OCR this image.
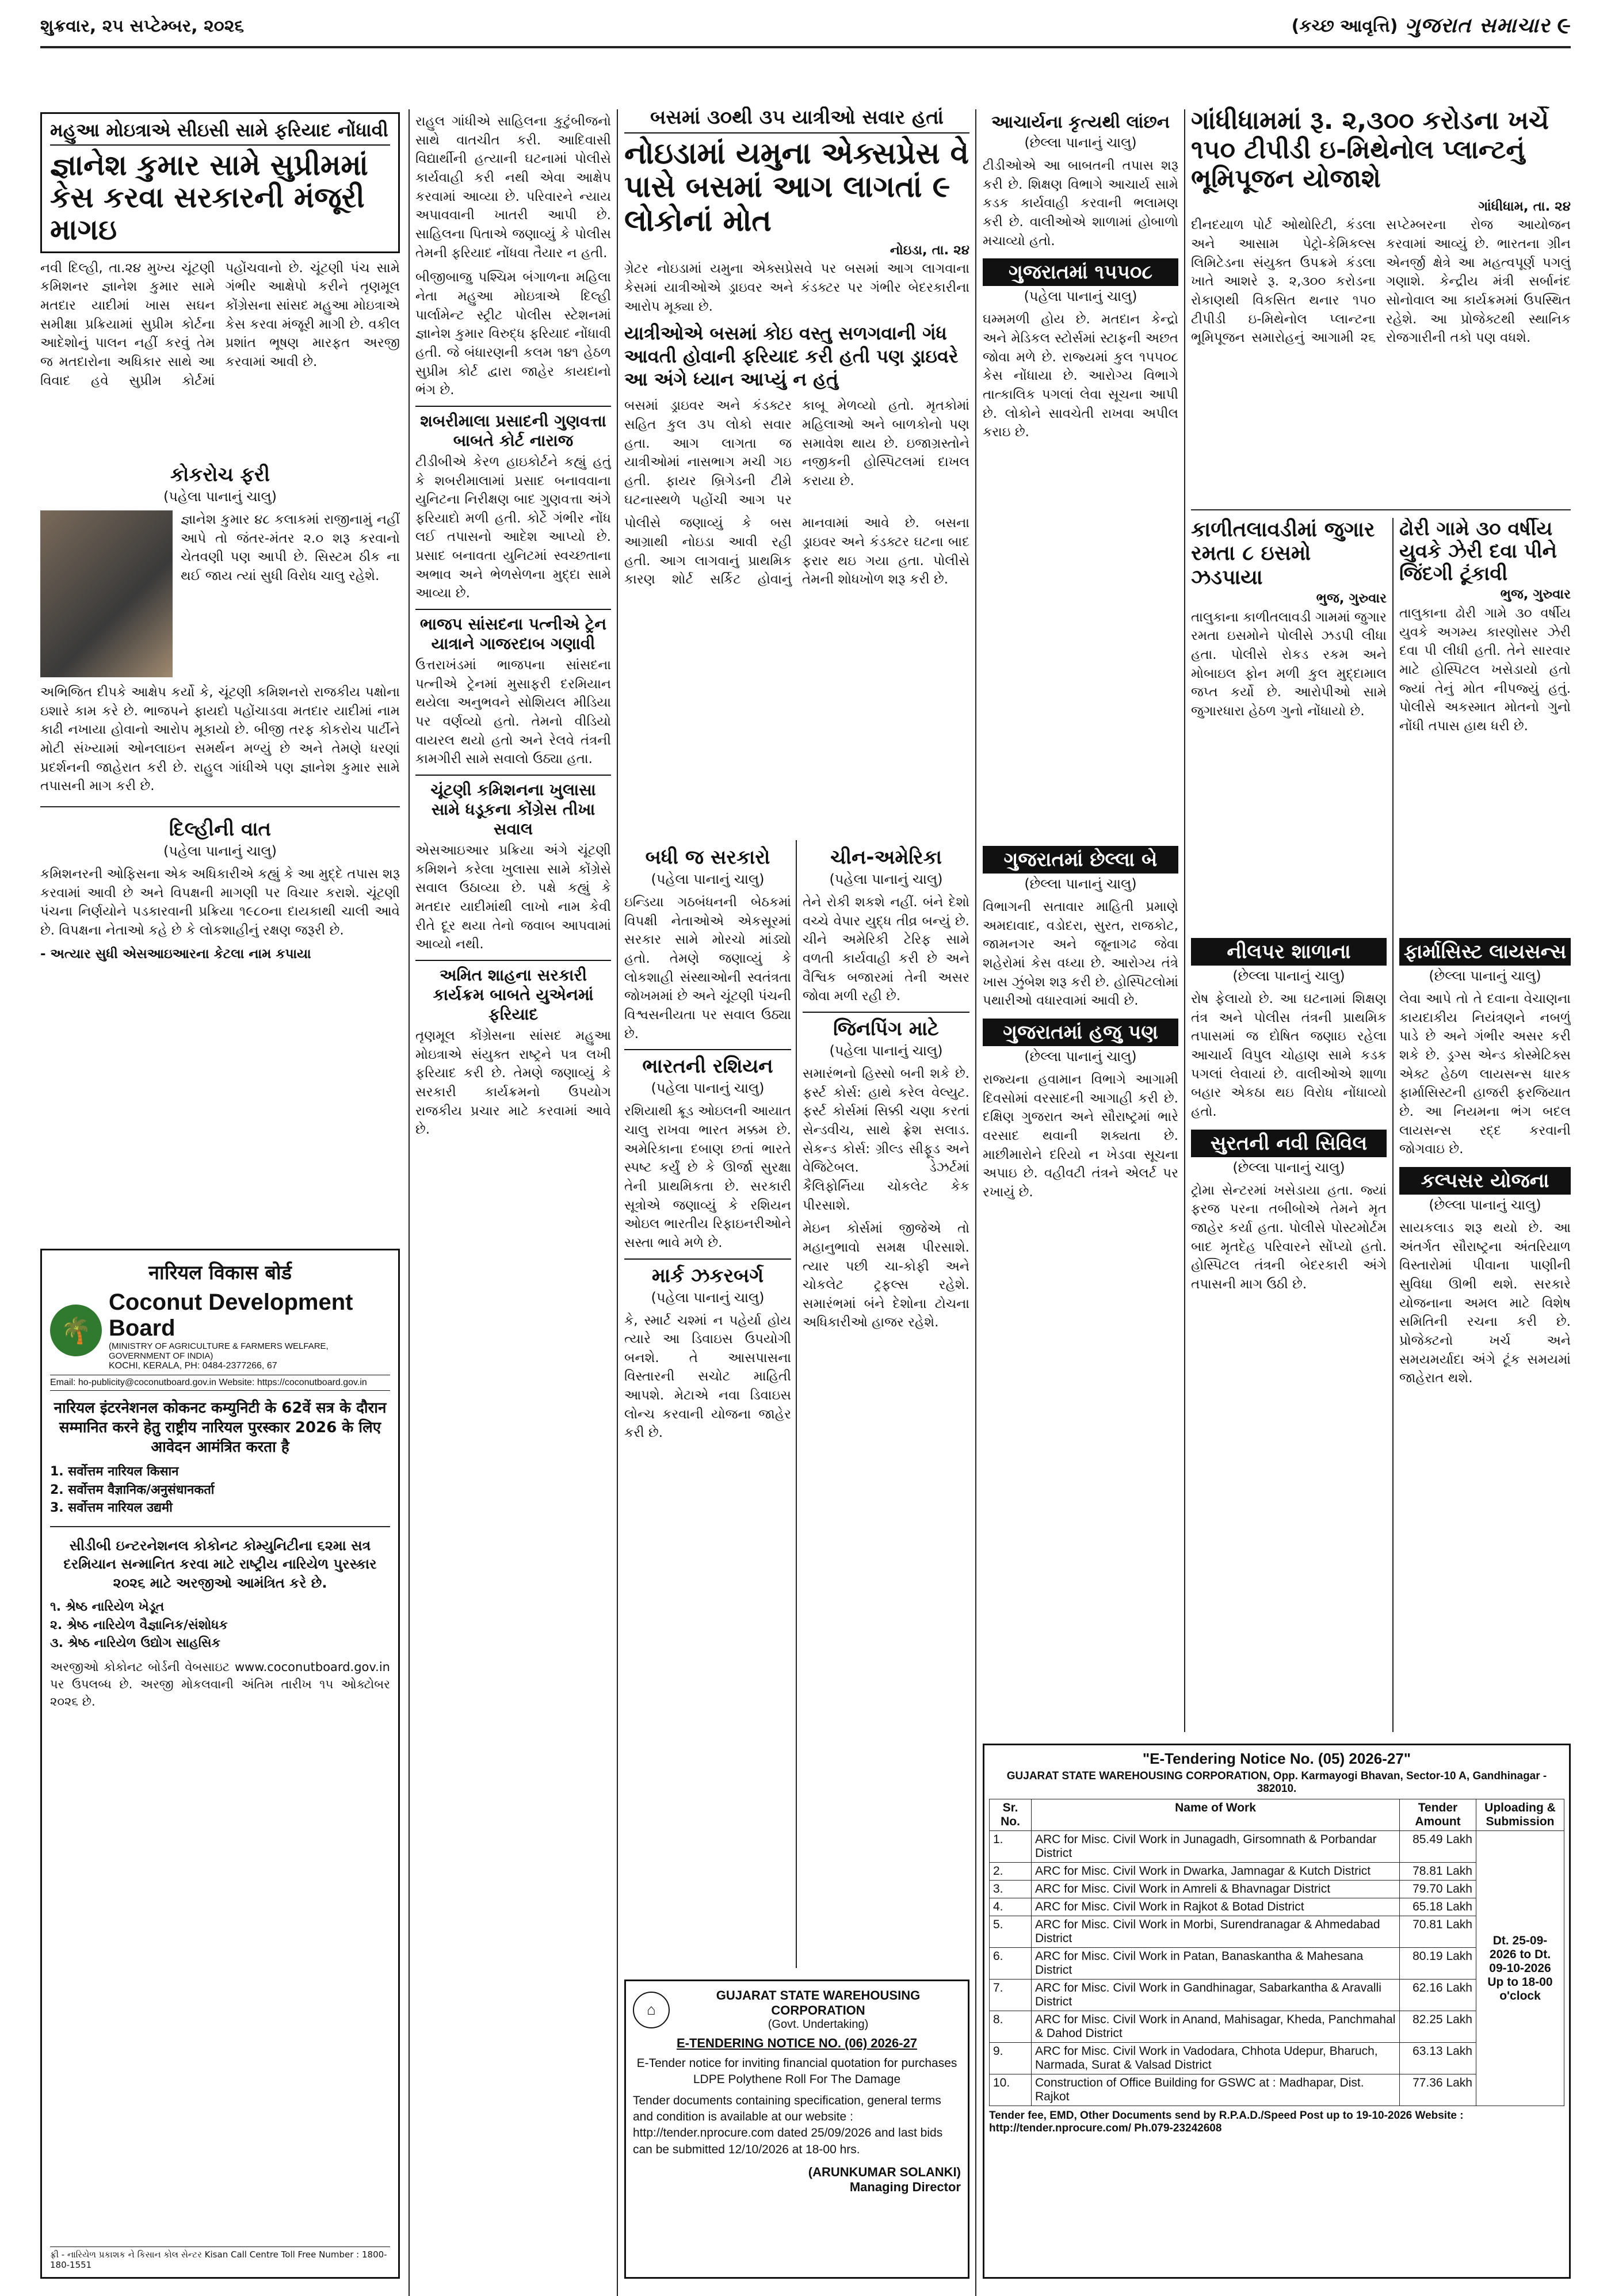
શુક્રવાર, ૨૫ સપ્ટેમ્બર, ૨૦૨૬	(કચ્છ આવૃત્તિ) ગુજરાત સમાચાર ૯
મહુઆ મોઇત્રાએ સીઇસી સામે ફરિયાદ નોંધાવી
જ્ઞાનેશ કુમાર સામે સુપ્રીમમાં કેસ કરવા સરકારની મંજૂરી માગઇ
નવી દિલ્હી, તા.૨૪ મુખ્ય ચૂંટણી કમિશનર જ્ઞાનેશ કુમાર સામે મતદાર યાદીમાં ખાસ સઘન સમીક્ષા પ્રક્રિયામાં સુપ્રીમ કોર્ટના આદેશોનું પાલન નહીં કરવું તેમ જ મતદારોના અધિકાર સાથે આ વિવાદ હવે સુપ્રીમ કોર્ટમાં પહોંચવાનો છે. ચૂંટણી પંચ સામે ગંભીર આક્ષેપો કરીને તૃણમૂલ કોંગ્રેસના સાંસદ મહુઆ મોઇત્રાએ કેસ કરવા મંજૂરી માગી છે. વકીલ પ્રશાંત ભૂષણ મારફત અરજી કરવામાં આવી છે.
કોકરોચ ફરી
(પહેલા પાનાનું ચાલુ)
જ્ઞાનેશ કુમાર ૪૮ કલાકમાં રાજીનામું નહીં આપે તો જંતર-મંતર ૨.૦ શરૂ કરવાનો ચેતવણી પણ આપી છે. સિસ્ટમ ઠીક ના થઈ જાય ત્યાં સુધી વિરોધ ચાલુ રહેશે.
અભિજિત દીપકે આક્ષેપ કર્યો કે, ચૂંટણી કમિશનરો રાજકીય પક્ષોના ઇશારે કામ કરે છે. ભાજપને ફાયદો પહોંચાડવા મતદાર યાદીમાં નામ કાઢી નખાયા હોવાનો આરોપ મૂકાયો છે. બીજી તરફ કોકરોચ પાર્ટીને મોટી સંખ્યામાં ઓનલાઇન સમર્થન મળ્યું છે અને તેમણે ધરણાં પ્રદર્શનની જાહેરાત કરી છે. રાહુલ ગાંધીએ પણ જ્ઞાનેશ કુમાર સામે તપાસની માગ કરી છે.
દિલ્હીની વાત
(પહેલા પાનાનું ચાલુ)
કમિશનરની ઓફિસના એક અધિકારીએ કહ્યું કે આ મુદ્દે તપાસ શરૂ કરવામાં આવી છે અને વિપક્ષની માગણી પર વિચાર કરાશે. ચૂંટણી પંચના નિર્ણયોને પડકારવાની પ્રક્રિયા ૧૯૮૦ના દાયકાથી ચાલી આવે છે. વિપક્ષના નેતાઓ કહે છે કે લોકશાહીનું રક્ષણ જરૂરી છે.
- અત્યાર સુધી એસઆઇઆરના કેટલા નામ કપાયા
नारियल विकास बोर्ड
🌴
Coconut Development Board
(MINISTRY OF AGRICULTURE & FARMERS WELFARE, GOVERNMENT OF INDIA)
KOCHI, KERALA, PH: 0484-2377266, 67
Email: ho-publicity@coconutboard.gov.in Website: https://coconutboard.gov.in
नारियल इंटरनेशनल कोकनट कम्युनिटी के 62वें सत्र के दौरान सम्मानित करने हेतु राष्ट्रीय नारियल पुरस्कार 2026 के लिए आवेदन आमंत्रित करता है
1. सर्वोत्तम नारियल किसान
2. सर्वोत्तम वैज्ञानिक/अनुसंधानकर्ता
3. सर्वोत्तम नारियल उद्यमी
સીડીબી ઇન્ટરનેશનલ કોકોનટ કોમ્યુનિટીના ૬૨મા સત્ર દરમિયાન સન્માનિત કરવા માટે રાષ્ટ્રીય નારિયેળ પુરસ્કાર ૨૦૨૬ માટે અરજીઓ આમંત્રિત કરે છે.
૧. શ્રેષ્ઠ નારિયેળ ખેડૂત
૨. શ્રેષ્ઠ નારિયેળ વૈજ્ઞાનિક/સંશોધક
૩. શ્રેષ્ઠ નારિયેળ ઉદ્યોગ સાહસિક
અરજીઓ કોકોનટ બોર્ડની વેબસાઇટ www.coconutboard.gov.in પર ઉપલબ્ધ છે. અરજી મોકલવાની અંતિમ તારીખ ૧૫ ઓક્ટોબર ૨૦૨૬ છે.
ફ્રી - નારિયેળ પ્રકાશક ને કિસાન કોલ સેન્ટર Kisan Call Centre Toll Free Number : 1800-180-1551
રાહુલ ગાંધીએ સાહિલના કુટુંબીજનો સાથે વાતચીત કરી. આદિવાસી વિદ્યાર્થીની હત્યાની ઘટનામાં પોલીસે કાર્યવાહી કરી નથી એવા આક્ષેપ કરવામાં આવ્યા છે. પરિવારને ન્યાય અપાવવાની ખાતરી આપી છે. સાહિલના પિતાએ જણાવ્યું કે પોલીસ તેમની ફરિયાદ નોંધવા તૈયાર ન હતી.
બીજીબાજુ પશ્ચિમ બંગાળના મહિલા નેતા મહુઆ મોઇત્રાએ દિલ્હી પાર્લામેન્ટ સ્ટ્રીટ પોલીસ સ્ટેશનમાં જ્ઞાનેશ કુમાર વિરુદ્ધ ફરિયાદ નોંધાવી હતી. જે બંધારણની કલમ ૧૪૧ હેઠળ સુપ્રીમ કોર્ટ દ્વારા જાહેર કાયદાનો ભંગ છે.
શબરીમાલા પ્રસાદની ગુણવત્તા બાબતે કોર્ટ નારાજ
ટીડીબીએ કેરળ હાઇકોર્ટને કહ્યું હતું કે શબરીમાલામાં પ્રસાદ બનાવવાના યુનિટના નિરીક્ષણ બાદ ગુણવત્તા અંગે ફરિયાદો મળી હતી. કોર્ટે ગંભીર નોંધ લઈ તપાસનો આદેશ આપ્યો છે. પ્રસાદ બનાવતા યુનિટમાં સ્વચ્છતાના અભાવ અને ભેળસેળના મુદ્દા સામે આવ્યા છે.
ભાજપ સાંસદના પત્નીએ ટ્રેન યાત્રાને ગાજરદાબ ગણાવી
ઉત્તરાખંડમાં ભાજપના સાંસદના પત્નીએ ટ્રેનમાં મુસાફરી દરમિયાન થયેલા અનુભવને સોશિયલ મીડિયા પર વર્ણવ્યો હતો. તેમનો વીડિયો વાયરલ થયો હતો અને રેલવે તંત્રની કામગીરી સામે સવાલો ઉઠ્યા હતા.
ચૂંટણી કમિશનના ખુલાસા સામે ધડૂકના કોંગ્રેસ તીખા સવાલ
એસઆઇઆર પ્રક્રિયા અંગે ચૂંટણી કમિશને કરેલા ખુલાસા સામે કોંગ્રેસે સવાલ ઉઠાવ્યા છે. પક્ષે કહ્યું કે મતદાર યાદીમાંથી લાખો નામ કેવી રીતે દૂર થયા તેનો જવાબ આપવામાં આવ્યો નથી.
અમિત શાહના સરકારી કાર્યક્રમ બાબતે યુએનમાં ફરિયાદ
તૃણમૂલ કોંગ્રેસના સાંસદ મહુઆ મોઇત્રાએ સંયુક્ત રાષ્ટ્રને પત્ર લખી ફરિયાદ કરી છે. તેમણે જણાવ્યું કે સરકારી કાર્યક્રમનો ઉપયોગ રાજકીય પ્રચાર માટે કરવામાં આવે છે.
બસમાં ૩૦થી ૩૫ યાત્રીઓ સવાર હતાં
નોઇડામાં યમુના એક્સપ્રેસ વે પાસે બસમાં આગ લાગતાં ૯ લોકોનાં મોત
નોઇડા, તા. ૨૪
ગ્રેટર નોઇડામાં યમુના એક્સપ્રેસવે પર બસમાં આગ લાગવાના કેસમાં યાત્રીઓએ ડ્રાઇવર અને કંડક્ટર પર ગંભીર બેદરકારીના આરોપ મૂક્યા છે.
યાત્રીઓએ બસમાં કોઇ વસ્તુ સળગવાની ગંધ આવતી હોવાની ફરિયાદ કરી હતી પણ ડ્રાઇવરે આ અંગે ધ્યાન આપ્યું ન હતું
બસમાં ડ્રાઇવર અને કંડક્ટર સહિત કુલ ૩૫ લોકો સવાર હતા. આગ લાગતા જ યાત્રીઓમાં નાસભાગ મચી ગઇ હતી. ફાયર બ્રિગેડની ટીમે ઘટનાસ્થળે પહોંચી આગ પર કાબૂ મેળવ્યો હતો. મૃતકોમાં મહિલાઓ અને બાળકોનો પણ સમાવેશ થાય છે. ઇજાગ્રસ્તોને નજીકની હોસ્પિટલમાં દાખલ કરાયા છે.
પોલીસે જણાવ્યું કે બસ આગ્રાથી નોઇડા આવી રહી હતી. આગ લાગવાનું પ્રાથમિક કારણ શોર્ટ સર્કિટ હોવાનું માનવામાં આવે છે. બસના ડ્રાઇવર અને કંડક્ટર ઘટના બાદ ફરાર થઇ ગયા હતા. પોલીસે તેમની શોધખોળ શરૂ કરી છે.
બધી જ સરકારો
(પહેલા પાનાનું ચાલુ)
ઇન્ડિયા ગઠબંધનની બેઠકમાં વિપક્ષી નેતાઓએ એકસૂરમાં સરકાર સામે મોરચો માંડ્યો હતો. તેમણે જણાવ્યું કે લોકશાહી સંસ્થાઓની સ્વતંત્રતા જોખમમાં છે અને ચૂંટણી પંચની વિશ્વસનીયતા પર સવાલ ઉઠ્યા છે.
ભારતની રશિયન
(પહેલા પાનાનું ચાલુ)
રશિયાથી ક્રૂડ ઓઇલની આયાત ચાલુ રાખવા ભારત મક્કમ છે. અમેરિકાના દબાણ છતાં ભારતે સ્પષ્ટ કર્યું છે કે ઊર્જા સુરક્ષા તેની પ્રાથમિકતા છે. સરકારી સૂત્રોએ જણાવ્યું કે રશિયન ઓઇલ ભારતીય રિફાઇનરીઓને સસ્તા ભાવે મળે છે.
માર્ક ઝકરબર્ગ
(પહેલા પાનાનું ચાલુ)
કે, સ્માર્ટ ચશ્માં ન પહેર્યા હોય ત્યારે આ ડિવાઇસ ઉપયોગી બનશે. તે આસપાસના વિસ્તારની સચોટ માહિતી આપશે. મેટાએ નવા ડિવાઇસ લોન્ચ કરવાની યોજના જાહેર કરી છે.
ચીન-અમેરિકા
(પહેલા પાનાનું ચાલુ)
તેને રોકી શકશે નહીં. બંને દેશો વચ્ચે વેપાર યુદ્ધ તીવ્ર બન્યું છે. ચીને અમેરિકી ટેરિફ સામે વળતી કાર્યવાહી કરી છે અને વૈશ્વિક બજારમાં તેની અસર જોવા મળી રહી છે.
જિનપિંગ માટે
(પહેલા પાનાનું ચાલુ)
સમારંભનો હિસ્સો બની શકે છે. ફર્સ્ટ કોર્સ: હાથે કરેલ વેલ્યુટ. ફર્સ્ટ કોર્સમાં સિક્કી ચણા કરતાં સેન્ડવીચ, સાથે ફ્રેશ સલાડ. સેકન્ડ કોર્સ: ગ્રીલ્ડ સીફૂડ અને વેજિટેબલ. ડેઝર્ટમાં કૈલિફોર્નિયા ચોકલેટ કેક પીરસાશે.
મેઇન કોર્સમાં જીજેએ તો મહાનુભાવો સમક્ષ પીરસાશે. ત્યાર પછી ચા-કોફી અને ચોકલેટ ટ્રફલ્સ રહેશે. સમારંભમાં બંને દેશોના ટોચના અધિકારીઓ હાજર રહેશે.
આચાર્યના કૃત્યથી લાંછન
(છેલ્લા પાનાનું ચાલુ)
ટીડીઓએ આ બાબતની તપાસ શરૂ કરી છે. શિક્ષણ વિભાગે આચાર્ય સામે કડક કાર્યવાહી કરવાની ભલામણ કરી છે. વાલીઓએ શાળામાં હોબાળો મચાવ્યો હતો.
ગુજરાતમાં ૧૫૫૦૮
(પહેલા પાનાનું ચાલુ)
ઘમ્મમળી હોય છે. મતદાન કેન્દ્રો અને મેડિકલ સ્ટોર્સમાં સ્ટાફની અછત જોવા મળે છે. રાજ્યમાં કુલ ૧૫૫૦૮ કેસ નોંધાયા છે. આરોગ્ય વિભાગે તાત્કાલિક પગલાં લેવા સૂચના આપી છે. લોકોને સાવચેતી રાખવા અપીલ કરાઇ છે.
ગુજરાતમાં છેલ્લા બે
(છેલ્લા પાનાનું ચાલુ)
વિભાગની સતાવાર માહિતી પ્રમાણે અમદાવાદ, વડોદરા, સુરત, રાજકોટ, જામનગર અને જૂનાગઢ જેવા શહેરોમાં કેસ વધ્યા છે. આરોગ્ય તંત્રે ખાસ ઝુંબેશ શરૂ કરી છે. હોસ્પિટલોમાં પથારીઓ વધારવામાં આવી છે.
ગુજરાતમાં હજુ પણ
(છેલ્લા પાનાનું ચાલુ)
રાજ્યના હવામાન વિભાગે આગામી દિવસોમાં વરસાદની આગાહી કરી છે. દક્ષિણ ગુજરાત અને સૌરાષ્ટ્રમાં ભારે વરસાદ થવાની શક્યતા છે. માછીમારોને દરિયો ન ખેડવા સૂચના અપાઇ છે. વહીવટી તંત્રને એલર્ટ પર રખાયું છે.
ગાંધીધામમાં રૂ. ૨,૩૦૦ કરોડના ખર્ચે ૧૫૦ ટીપીડી ઇ-મિથેનોલ પ્લાન્ટનું ભૂમિપૂજન યોજાશે
ગાંધીધામ, તા. ૨૪
દીનદયાળ પોર્ટ ઓથોરિટી, કંડલા અને આસામ પેટ્રો-કેમિકલ્સ લિમિટેડના સંયુક્ત ઉપક્રમે કંડલા ખાતે આશરે રૂ. ૨,૩૦૦ કરોડના રોકાણથી વિકસિત થનાર ૧૫૦ ટીપીડી ઇ-મિથેનોલ પ્લાન્ટના ભૂમિપૂજન સમારોહનું આગામી ૨૬ સપ્ટેમ્બરના રોજ આયોજન કરવામાં આવ્યું છે. ભારતના ગ્રીન એનર્જી ક્ષેત્રે આ મહત્વપૂર્ણ પગલું ગણાશે. કેન્દ્રીય મંત્રી સર્બાનંદ સોનોવાલ આ કાર્યક્રમમાં ઉપસ્થિત રહેશે. આ પ્રોજેક્ટથી સ્થાનિક રોજગારીની તકો પણ વધશે.
કાળીતલાવડીમાં જુગાર રમતા ૮ ઇસમો ઝડપાયા
ભુજ, ગુરુવાર
તાલુકાના કાળીતલાવડી ગામમાં જુગાર રમતા ઇસમોને પોલીસે ઝડપી લીધા હતા. પોલીસે રોકડ રકમ અને મોબાઇલ ફોન મળી કુલ મુદ્દામાલ જપ્ત કર્યો છે. આરોપીઓ સામે જુગારધારા હેઠળ ગુનો નોંધાયો છે.
ઢોરી ગામે ૩૦ વર્ષીય યુવકે ઝેરી દવા પીને જિંદગી ટૂંકાવી
ભુજ, ગુરુવાર
તાલુકાના ઢોરી ગામે ૩૦ વર્ષીય યુવકે અગમ્ય કારણોસર ઝેરી દવા પી લીધી હતી. તેને સારવાર માટે હોસ્પિટલ ખસેડાયો હતો જ્યાં તેનું મોત નીપજ્યું હતું. પોલીસે અકસ્માત મોતનો ગુનો નોંધી તપાસ હાથ ધરી છે.
નીલપર શાળાના
(છેલ્લા પાનાનું ચાલુ)
રોષ ફેલાયો છે. આ ઘટનામાં શિક્ષણ તંત્ર અને પોલીસ તંત્રની પ્રાથમિક તપાસમાં જ દોષિત જણાઇ રહેલા આચાર્ય વિપુલ ચોહાણ સામે કડક પગલાં લેવાયાં છે. વાલીઓએ શાળા બહાર એકઠા થઇ વિરોધ નોંધાવ્યો હતો.
સુરતની નવી સિવિલ
(છેલ્લા પાનાનું ચાલુ)
ટ્રોમા સેન્ટરમાં ખસેડાયા હતા. જ્યાં ફરજ પરના તબીબોએ તેમને મૃત જાહેર કર્યા હતા. પોલીસે પોસ્ટમોર્ટમ બાદ મૃતદેહ પરિવારને સોંપ્યો હતો. હોસ્પિટલ તંત્રની બેદરકારી અંગે તપાસની માગ ઉઠી છે.
ફાર્માસિસ્ટ લાયસન્સ
(છેલ્લા પાનાનું ચાલુ)
લેવા આપે તો તે દવાના વેચાણના કાયદાકીય નિયંત્રણને નબળું પાડે છે અને ગંભીર અસર કરી શકે છે. ડ્રગ્સ એન્ડ કોસ્મેટિક્સ એક્ટ હેઠળ લાયસન્સ ધારક ફાર્માસિસ્ટની હાજરી ફરજિયાત છે. આ નિયમના ભંગ બદલ લાયસન્સ રદ્દ કરવાની જોગવાઇ છે.
કલ્પસર યોજના
(છેલ્લા પાનાનું ચાલુ)
સાયકલાડ શરૂ થયો છે. આ અંતર્ગત સૌરાષ્ટ્રના અંતરિયાળ વિસ્તારોમાં પીવાના પાણીની સુવિધા ઊભી થશે. સરકારે યોજનાના અમલ માટે વિશેષ સમિતિની રચના કરી છે. પ્રોજેક્ટનો ખર્ચ અને સમયમર્યાદા અંગે ટૂંક સમયમાં જાહેરાત થશે.
⌂
GUJARAT STATE WAREHOUSING CORPORATION
(Govt. Undertaking)
E-TENDERING NOTICE NO. (06) 2026-27
E-Tender notice for inviting financial quotation for purchases LDPE Polythene Roll For The Damage
Tender documents containing specification, general terms and condition is available at our website : http://tender.nprocure.com dated 25/09/2026 and last bids can be submitted 12/10/2026 at 18-00 hrs.
(ARUNKUMAR SOLANKI)
Managing Director
"E-Tendering Notice No. (05) 2026-27"
GUJARAT STATE WAREHOUSING CORPORATION, Opp. Karmayogi Bhavan, Sector-10 A, Gandhinagar - 382010.
Sr. No.	Name of Work	Tender Amount	Uploading & Submission
1.	ARC for Misc. Civil Work in Junagadh, Girsomnath & Porbandar District	85.49 Lakh	Dt. 25-09-2026 to Dt. 09-10-2026 Up to 18-00 o'clock
2.	ARC for Misc. Civil Work in Dwarka, Jamnagar & Kutch District	78.81 Lakh	
3.	ARC for Misc. Civil Work in Amreli & Bhavnagar District	79.70 Lakh	
4.	ARC for Misc. Civil Work in Rajkot & Botad District	65.18 Lakh	
5.	ARC for Misc. Civil Work in Morbi, Surendranagar & Ahmedabad District	70.81 Lakh	
6.	ARC for Misc. Civil Work in Patan, Banaskantha & Mahesana District	80.19 Lakh	
7.	ARC for Misc. Civil Work in Gandhinagar, Sabarkantha & Aravalli District	62.16 Lakh	
8.	ARC for Misc. Civil Work in Anand, Mahisagar, Kheda, Panchmahal & Dahod District	82.25 Lakh	
9.	ARC for Misc. Civil Work in Vadodara, Chhota Udepur, Bharuch, Narmada, Surat & Valsad District	63.13 Lakh	
10.	Construction of Office Building for GSWC at : Madhapar, Dist. Rajkot	77.36 Lakh	
Tender fee, EMD, Other Documents send by R.P.A.D./Speed Post up to 19-10-2026 Website :
http://tender.nprocure.com/ Ph.079-23242608
